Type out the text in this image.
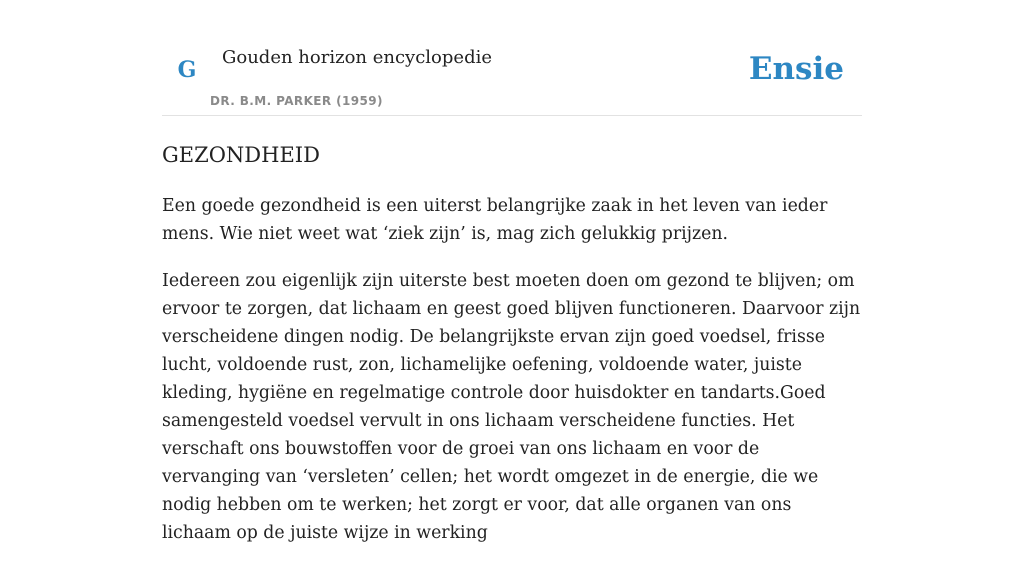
G Gouden horizon encyclopedie
DR. B.M. PARKER (1959)
Ensie
GEZONDHEID

Een goede gezondheid is een uiterst belangrijke zaak in het leven van ieder mens. Wie niet weet wat ‘ziek zijn’ is, mag zich gelukkig prijzen.

Iedereen zou eigenlijk zijn uiterste best moeten doen om gezond te blijven; om ervoor te zorgen, dat lichaam en geest goed blijven functioneren. Daarvoor zijn verscheidene dingen nodig. De belangrijkste ervan zijn goed voedsel, frisse lucht, voldoende rust, zon, lichamelijke oefening, voldoende water, juiste kleding, hygiëne en regelmatige controle door huisdokter en tandarts.Goed samengesteld voedsel vervult in ons lichaam verscheidene functies. Het verschaft ons bouwstoffen voor de groei van ons lichaam en voor de vervanging van ‘versleten’ cellen; het wordt omgezet in de energie, die we nodig hebben om te werken; het zorgt er voor, dat alle organen van ons lichaam op de juiste wijze in werking
